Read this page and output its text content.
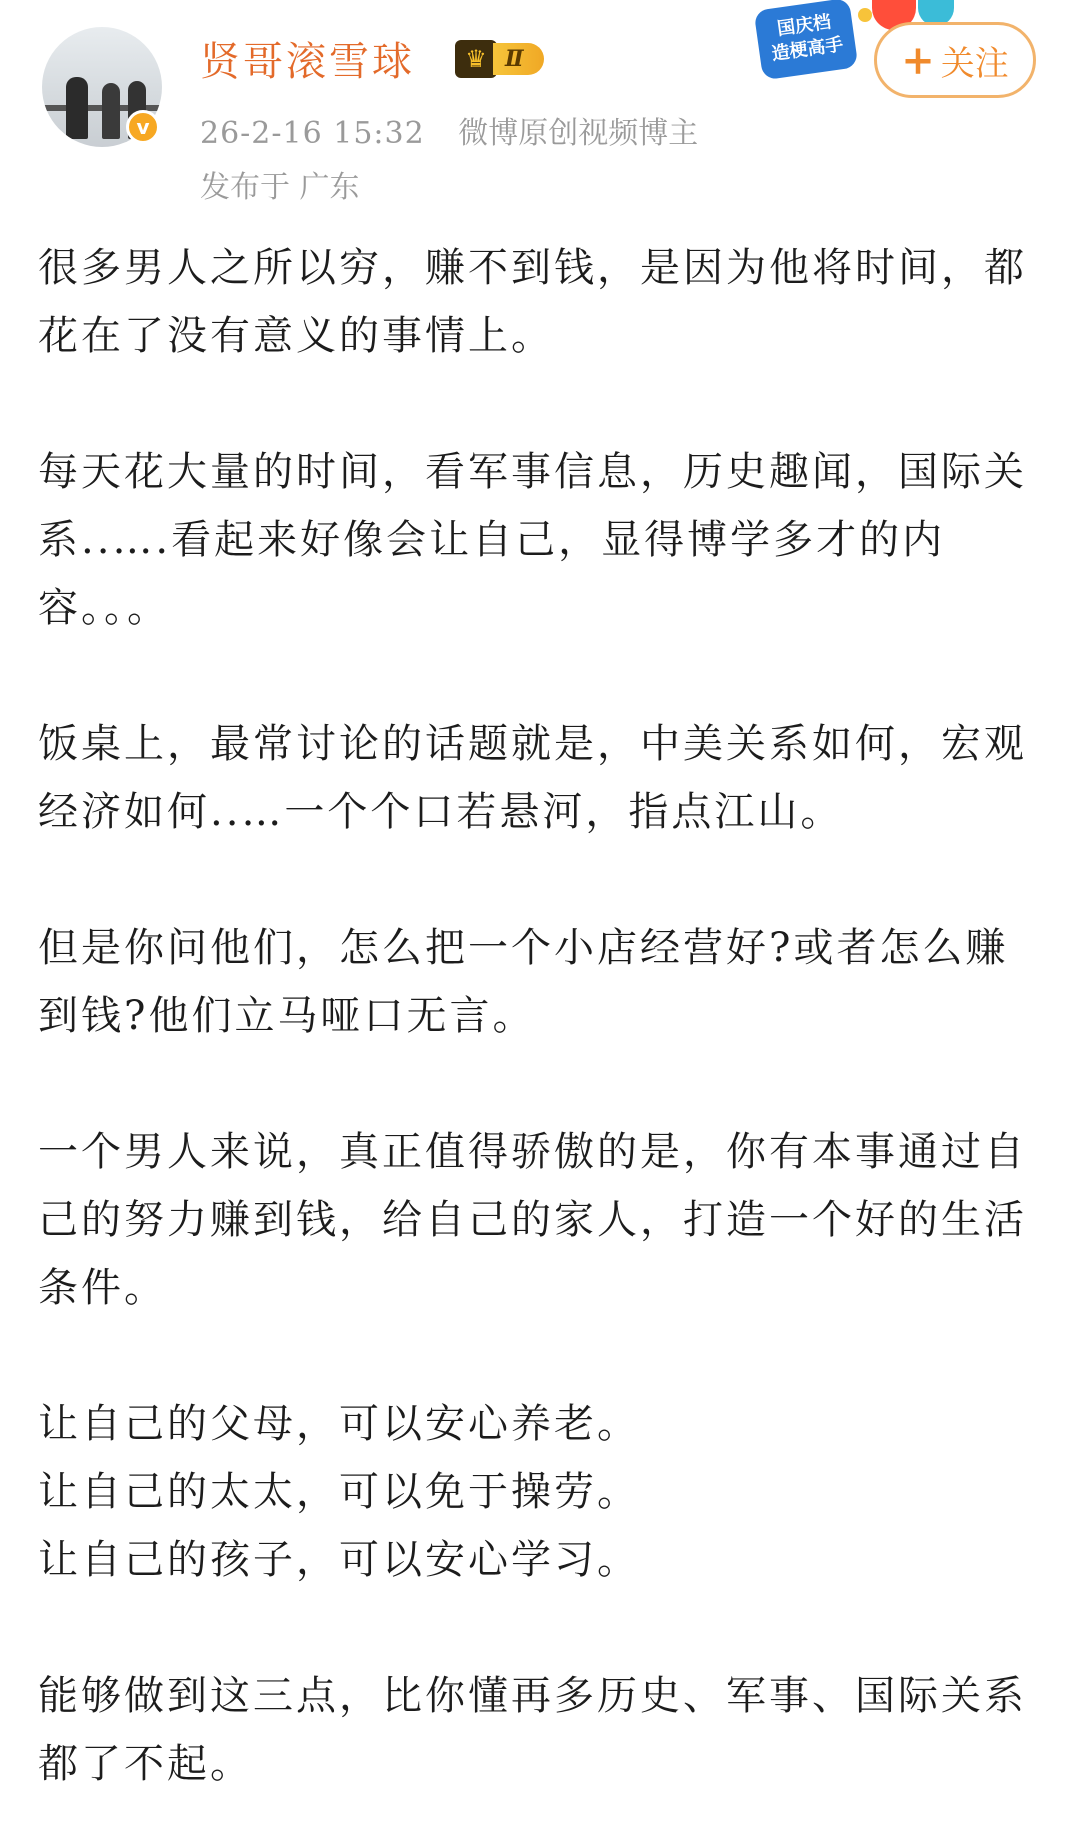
v
贤哥滚雪球	♛ Ⅱ
26-2-16 15:32 微博原创视频博主
发布于 广东
国庆档
造梗高手	+ 关注

很多男人之所以穷，赚不到钱，是因为他将时间，都花在了没有意义的事情上。

每天花大量的时间，看军事信息，历史趣闻，国际关系..….看起来好像会让自己，显得博学多才的内容。。。

饭桌上，最常讨论的话题就是，中美关系如何，宏观经济如何..…一个个口若悬河，指点江山。

但是你问他们，怎么把一个小店经营好?或者怎么赚到钱?他们立马哑口无言。

一个男人来说，真正值得骄傲的是，你有本事通过自己的努力赚到钱，给自己的家人，打造一个好的生活条件。

让自己的父母，可以安心养老。
让自己的太太，可以免于操劳。
让自己的孩子，可以安心学习。

能够做到这三点，比你懂再多历史、军事、国际关系都了不起。
